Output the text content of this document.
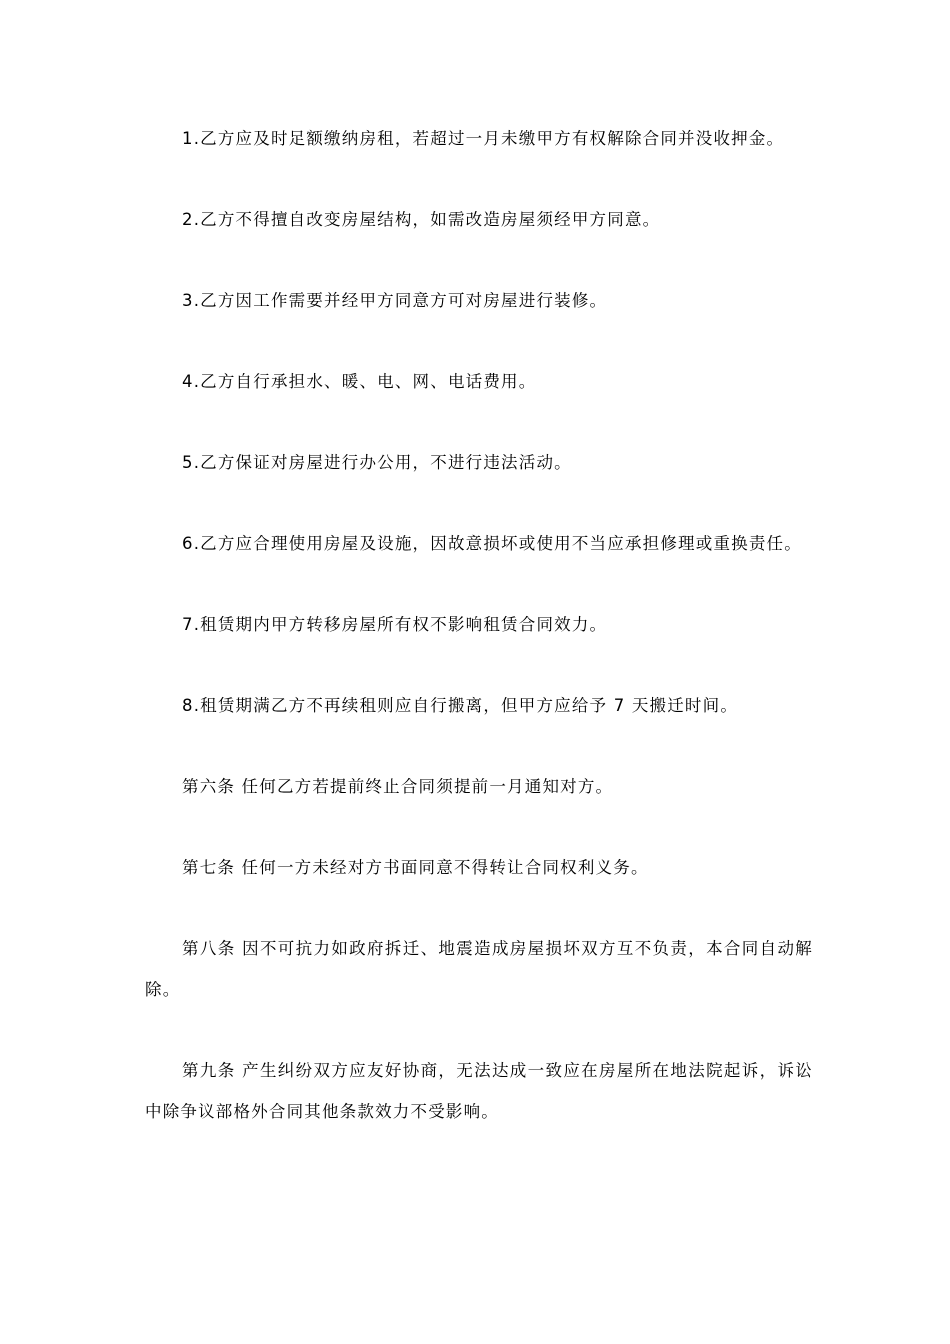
1.乙方应及时足额缴纳房租，若超过一月未缴甲方有权解除合同并没收押金。

2.乙方不得擅自改变房屋结构，如需改造房屋须经甲方同意。

3.乙方因工作需要并经甲方同意方可对房屋进行装修。

4.乙方自行承担水、暖、电、网、电话费用。

5.乙方保证对房屋进行办公用，不进行违法活动。

6.乙方应合理使用房屋及设施，因故意损坏或使用不当应承担修理或重换责任。

7.租赁期内甲方转移房屋所有权不影响租赁合同效力。

8.租赁期满乙方不再续租则应自行搬离，但甲方应给予 7 天搬迁时间。

第六条 任何乙方若提前终止合同须提前一月通知对方。

第七条 任何一方未经对方书面同意不得转让合同权利义务。

第八条 因不可抗力如政府拆迁、地震造成房屋损坏双方互不负责，本合同自动解除。

第九条 产生纠纷双方应友好协商，无法达成一致应在房屋所在地法院起诉，诉讼中除争议部格外合同其他条款效力不受影响。
